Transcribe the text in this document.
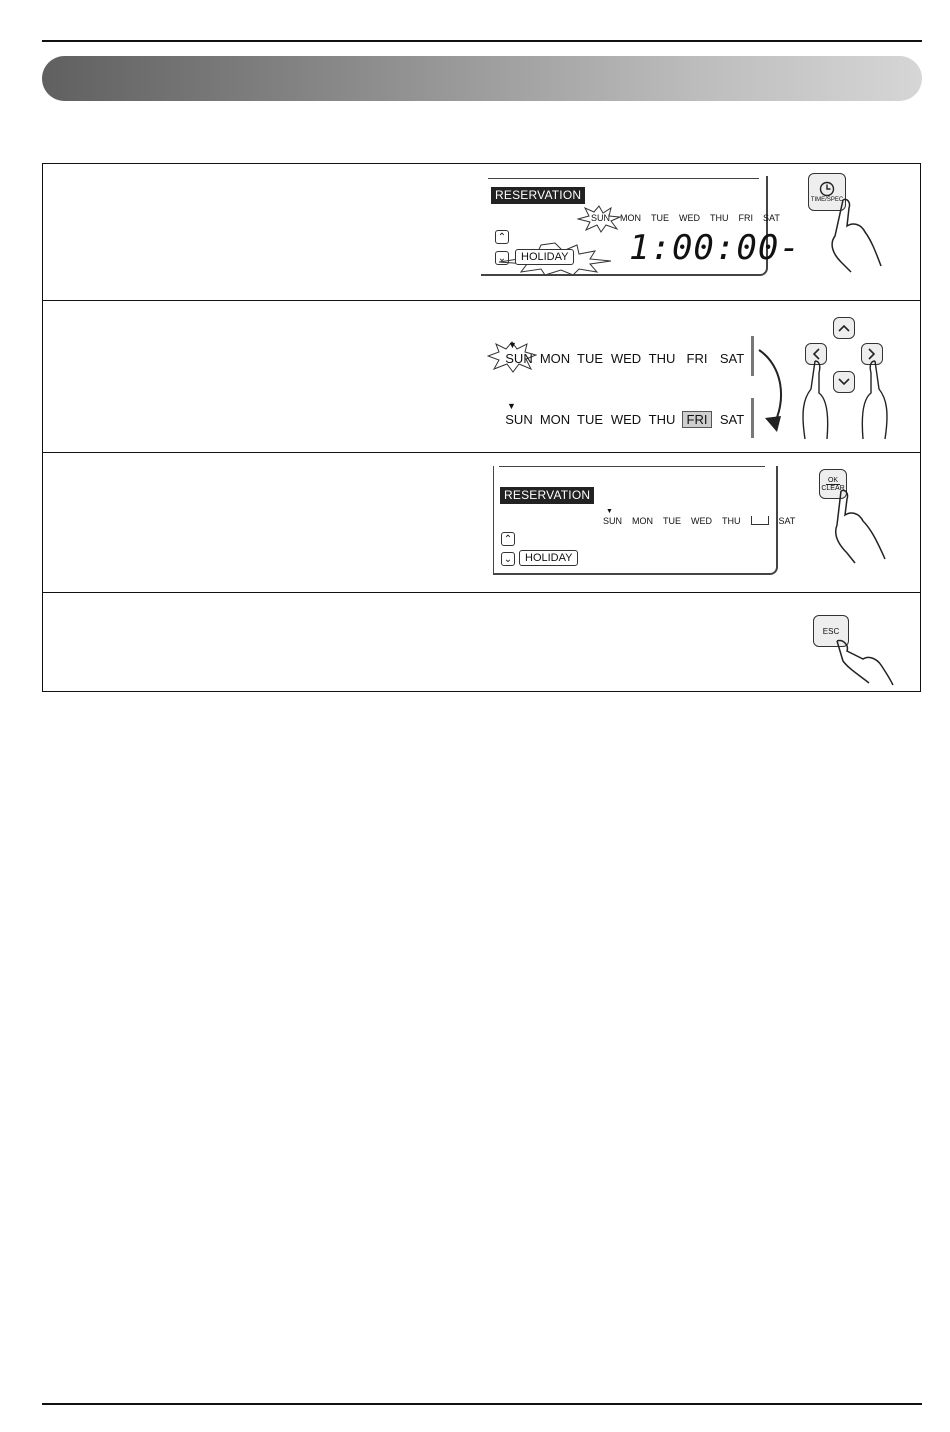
RESERVATION
SUN MON TUE WED THU FRI SAT
⌃
⌄	HOLIDAY 1:00:00-
TIME/SPEC
▼
SUN MON TUE WED THU FRI SAT
▼
SUN MON TUE WED THU FRI SAT
RESERVATION
▼
SUN MON TUE WED THU	SAT
⌃
⌄	HOLIDAY
OK
CLEAR
ESC
